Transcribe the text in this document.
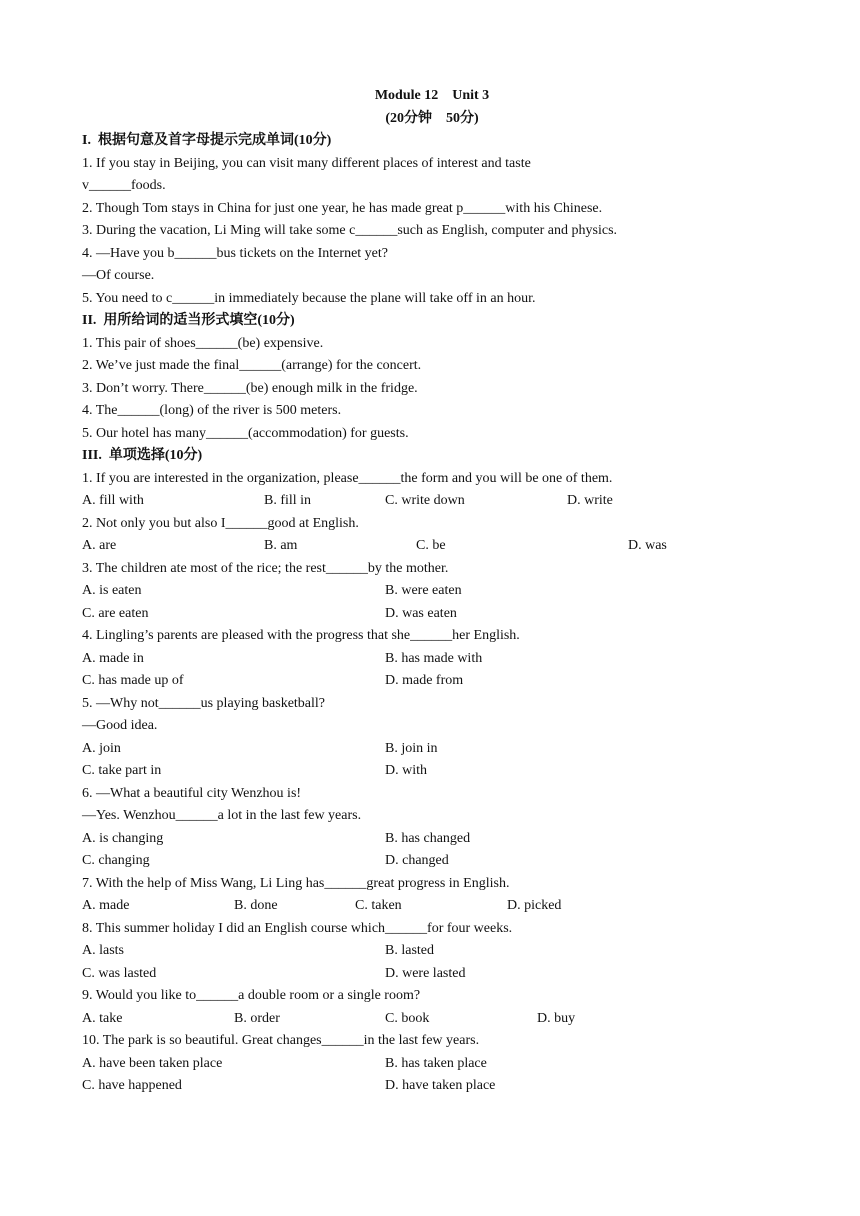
Module 12    Unit 3
(20分钟    50分)
I.  根据句意及首字母提示完成单词(10分)
1. If you stay in Beijing, you can visit many different places of interest and taste
v______foods.
2. Though Tom stays in China for just one year, he has made great p______with his Chinese.
3. During the vacation, Li Ming will take some c______such as English, computer and physics.
4. —Have you b______bus tickets on the Internet yet?
—Of course.
5. You need to c______in immediately because the plane will take off in an hour.
II.  用所给词的适当形式填空(10分)
1. This pair of shoes______(be) expensive.
2. We’ve just made the final______(arrange) for the concert.
3. Don’t worry. There______(be) enough milk in the fridge.
4. The______(long) of the river is 500 meters.
5. Our hotel has many______(accommodation) for guests.
III.  单项选择(10分)
1. If you are interested in the organization, please______the form and you will be one of them.
A. fill with	B. fill in	C. write down	D. write
2. Not only you but also I______good at English.
A. are	B. am	C. be	D. was
3. The children ate most of the rice; the rest______by the mother.
A. is eaten	B. were eaten
C. are eaten	D. was eaten
4. Lingling’s parents are pleased with the progress that she______her English.
A. made in	B. has made with
C. has made up of	D. made from
5. —Why not______us playing basketball?
—Good idea.
A. join	B. join in
C. take part in	D. with
6. —What a beautiful city Wenzhou is!
—Yes. Wenzhou______a lot in the last few years.
A. is changing	B. has changed
C. changing	D. changed
7. With the help of Miss Wang, Li Ling has______great progress in English.
A. made	B. done	C. taken	D. picked
8. This summer holiday I did an English course which______for four weeks.
A. lasts	B. lasted
C. was lasted	D. were lasted
9. Would you like to______a double room or a single room?
A. take	B. order	C. book	D. buy
10. The park is so beautiful. Great changes______in the last few years.
A. have been taken place	B. has taken place
C. have happened	D. have taken place
